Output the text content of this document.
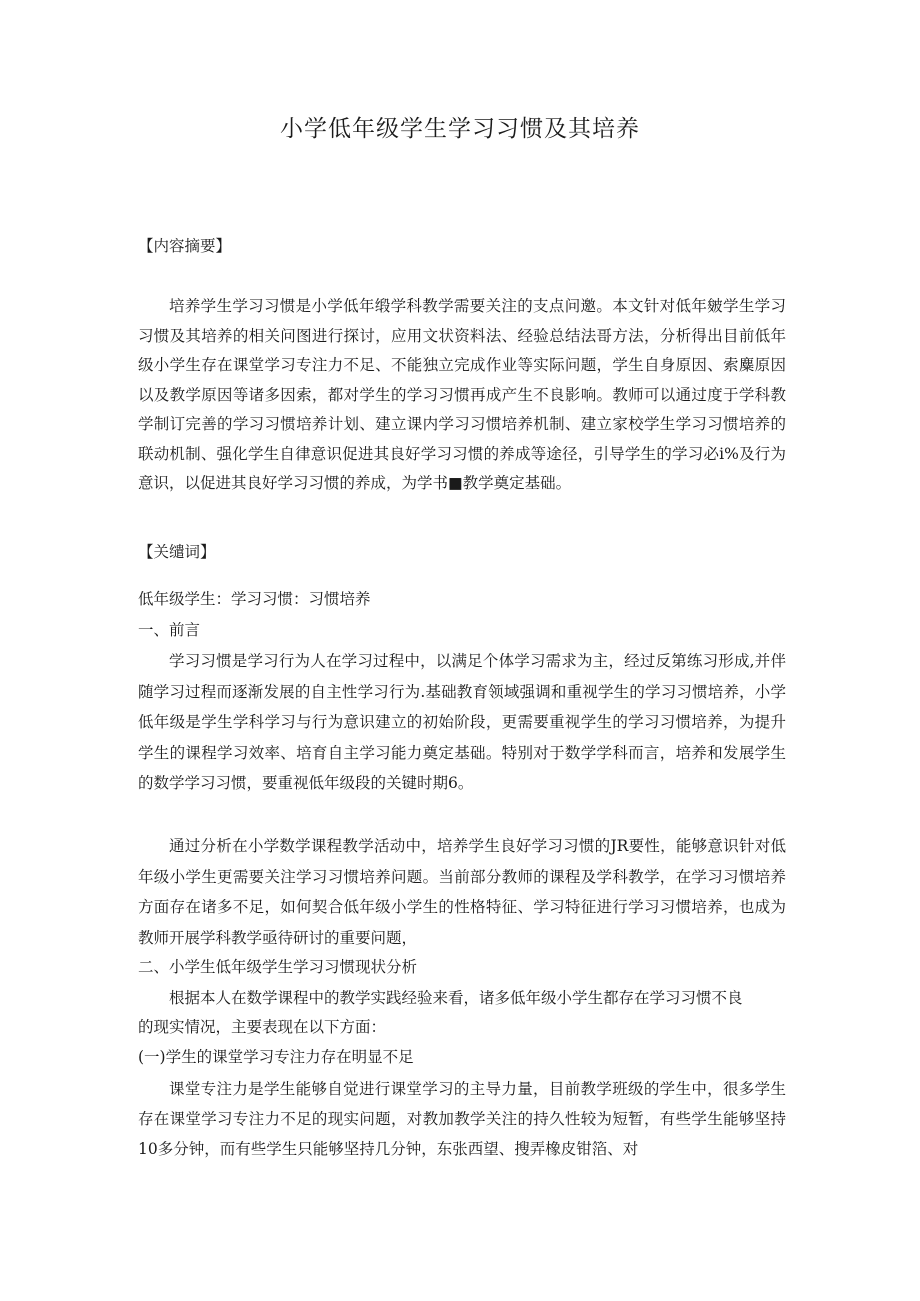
小学低年级学生学习习惯及其培养

【内容摘要】

培养学生学习习惯是小学低年缎学科教学需要关注的支点问邀。本文针对低年皴学生学习习惯及其培养的相关问图进行探讨，应用文状资料法、经验总结法哥方法，分析得出目前低年级小学生存在课堂学习专注力不足、不能独立完成作业等实际问题，学生自身原因、索麋原因以及教学原因等诸多因索，都对学生的学习习惯再成产生不良影响。教师可以通过度于学科教学制订完善的学习习惯培养计划、建立课内学习习惯培养机制、建立家校学生学习习惯培养的联动机制、强化学生自律意识促进其良好学习习惯的养成等途径，引导学生的学习必i%及行为意识，以促进其良好学习习惯的养成，为学书■教学奠定基础。

【关缱词】

低年级学生：学习习惯：习惯培养

一、前言

学习习惯是学习行为人在学习过程中，以满足个体学习需求为主，经过反第练习形成,并伴随学习过程而逐渐发展的自主性学习行为.基础教育领域强调和重视学生的学习习惯培养，小学低年级是学生学科学习与行为意识建立的初始阶段，更需要重视学生的学习习惯培养，为提升学生的课程学习效率、培育自主学习能力奠定基础。特别对于数学学科而言，培养和发展学生的数学学习习惯，要重视低年级段的关键时期6。

通过分析在小学数学课程教学活动中，培养学生良好学习习惯的JR要性，能够意识针对低年级小学生更需要关注学习习惯培养问题。当前部分教师的课程及学科教学，在学习习惯培养方面存在诸多不足，如何契合低年级小学生的性格特征、学习特征进行学习习惯培养，也成为教师开展学科教学亟待研讨的重要问题，

二、小学生低年级学生学习习惯现状分析

根据本人在数学课程中的教学实践经验来看，诸多低年级小学生都存在学习习惯不良的现实情况，主要表现在以下方面：

(一)学生的课堂学习专注力存在明显不足

课堂专注力是学生能够自觉进行课堂学习的主导力量，目前教学班级的学生中，很多学生存在课堂学习专注力不足的现实问题，对教加教学关注的持久性较为短暂，有些学生能够坚持10多分钟，而有些学生只能够坚持几分钟，东张西望、搜弄橡皮钳箔、对
